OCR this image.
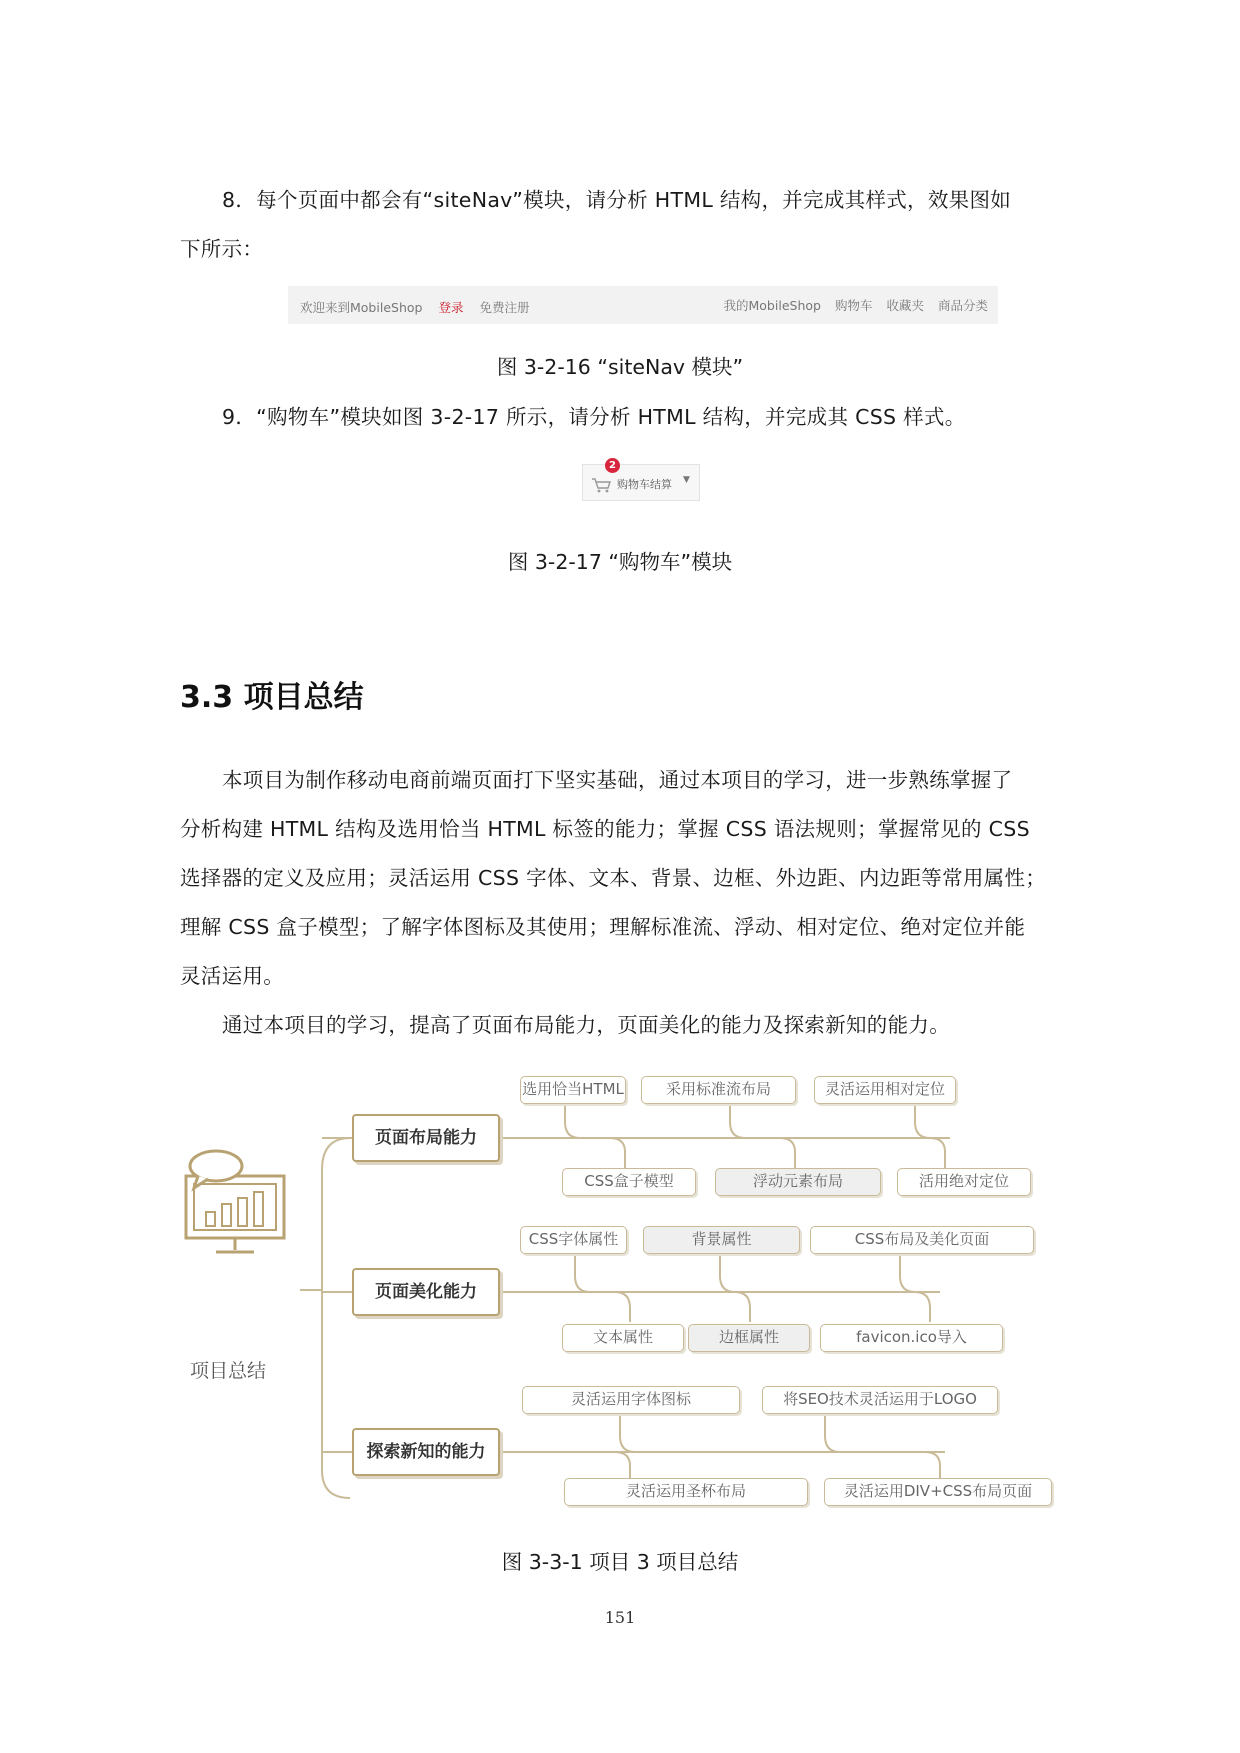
8．每个页面中都会有“siteNav”模块，请分析 HTML 结构，并完成其样式，效果图如
下所示：
欢迎来到MobileShop 登录 免费注册	我的MobileShop 购物车 收藏夹 商品分类
图 3-2-16 “siteNav 模块”
9．“购物车”模块如图 3-2-17 所示，请分析 HTML 结构，并完成其 CSS 样式。
2
购物车结算 ▼
图 3-2-17 “购物车”模块
3.3 项目总结
本项目为制作移动电商前端页面打下坚实基础，通过本项目的学习，进一步熟练掌握了
分析构建 HTML 结构及选用恰当 HTML 标签的能力；掌握 CSS 语法规则；掌握常见的 CSS
选择器的定义及应用；灵活运用 CSS 字体、文本、背景、边框、外边距、内边距等常用属性；
理解 CSS 盒子模型；了解字体图标及其使用；理解标准流、浮动、相对定位、绝对定位并能
灵活运用。
通过本项目的学习，提高了页面布局能力，页面美化的能力及探索新知的能力。
项目总结
页面布局能力
选用恰当HTML	采用标准流布局	灵活运用相对定位
CSS盒子模型	浮动元素布局	活用绝对定位
页面美化能力
CSS字体属性	背景属性	CSS布局及美化页面
文本属性	边框属性	favicon.ico导入
探索新知的能力
灵活运用字体图标	将SEO技术灵活运用于LOGO
灵活运用圣杯布局	灵活运用DIV+CSS布局页面
图 3-3-1 项目 3 项目总结
151
